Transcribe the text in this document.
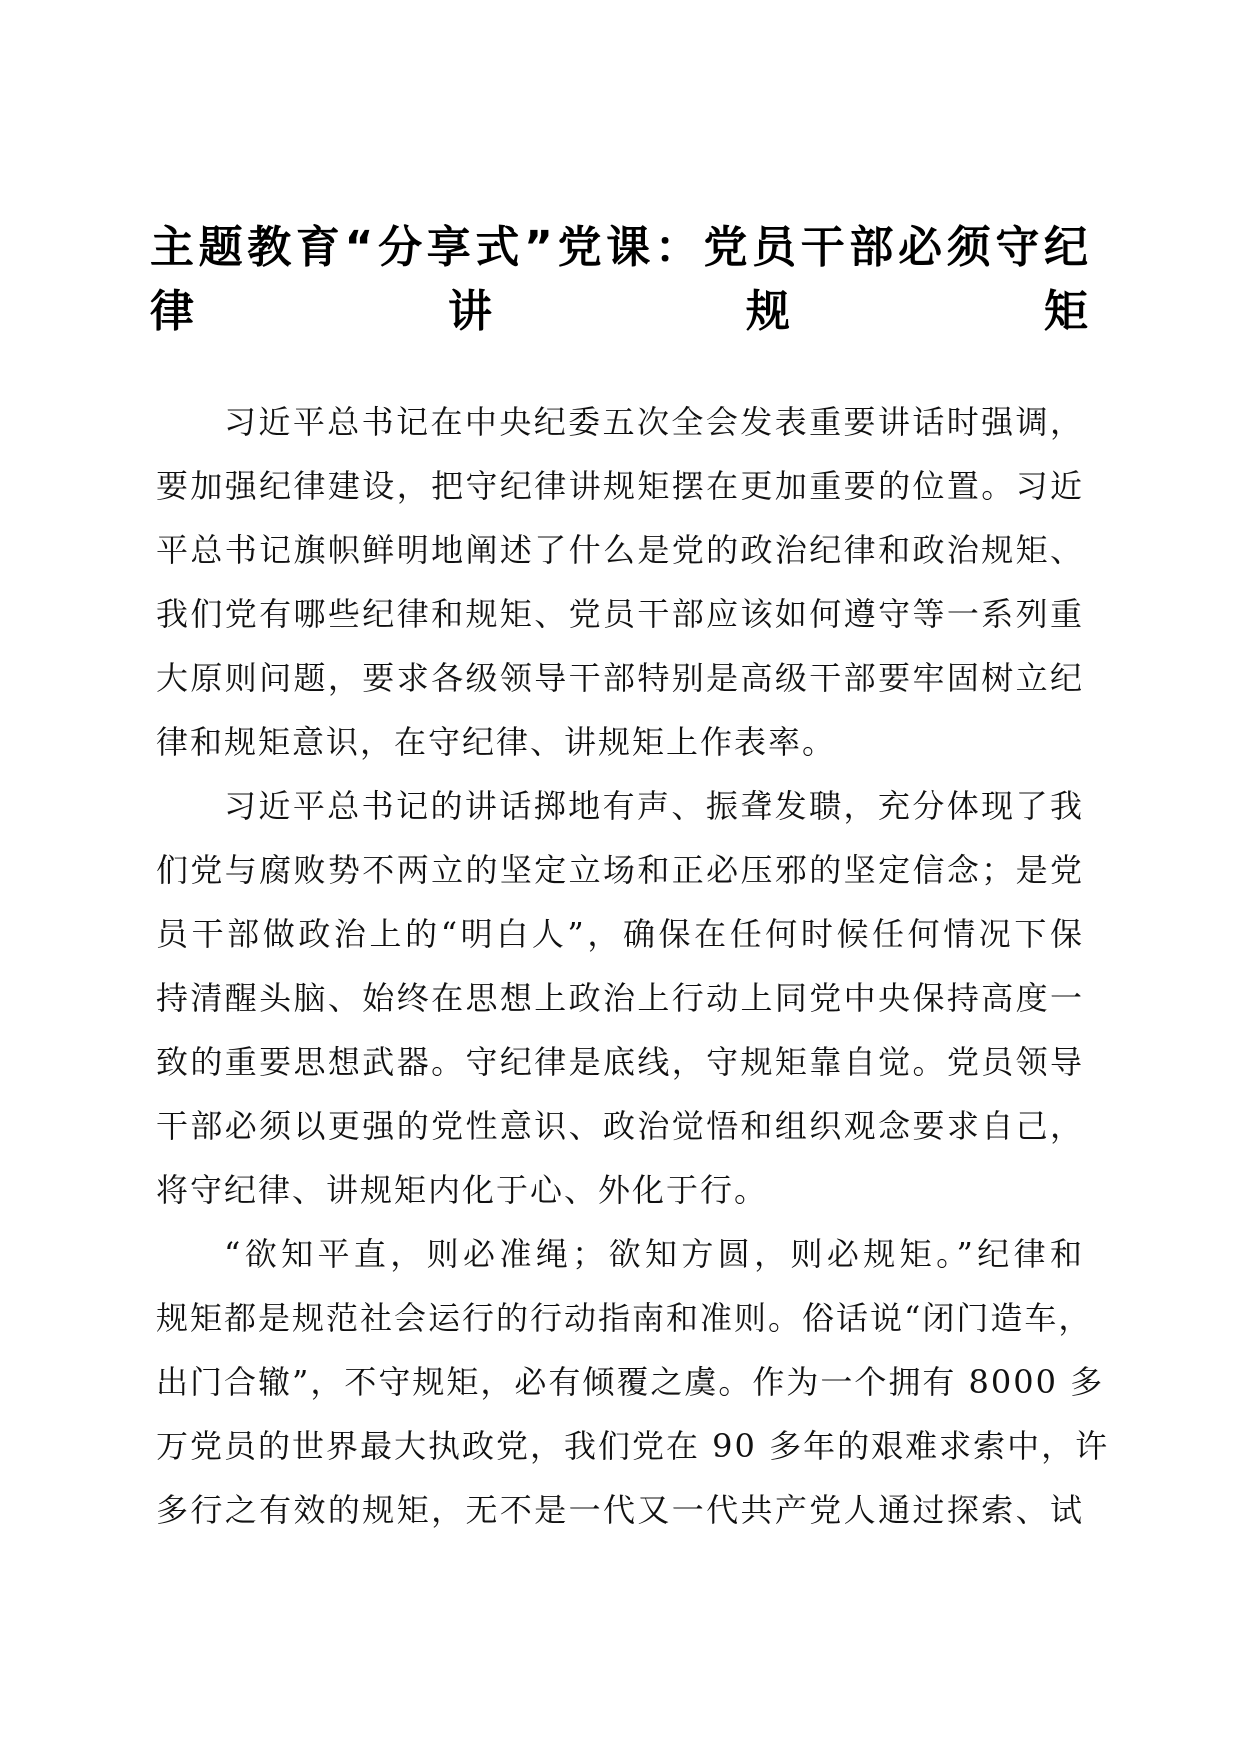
主题教育“分享式”党课：党员干部必须守纪
律讲规矩

习近平总书记在中央纪委五次全会发表重要讲话时强调，
要加强纪律建设，把守纪律讲规矩摆在更加重要的位置。习近
平总书记旗帜鲜明地阐述了什么是党的政治纪律和政治规矩、
我们党有哪些纪律和规矩、党员干部应该如何遵守等一系列重
大原则问题，要求各级领导干部特别是高级干部要牢固树立纪
律和规矩意识，在守纪律、讲规矩上作表率。

习近平总书记的讲话掷地有声、振聋发聩，充分体现了我
们党与腐败势不两立的坚定立场和正必压邪的坚定信念；是党
员干部做政治上的“明白人”，确保在任何时候任何情况下保
持清醒头脑、始终在思想上政治上行动上同党中央保持高度一
致的重要思想武器。守纪律是底线，守规矩靠自觉。党员领导
干部必须以更强的党性意识、政治觉悟和组织观念要求自己，
将守纪律、讲规矩内化于心、外化于行。

“欲知平直，则必准绳；欲知方圆，则必规矩。”纪律和
规矩都是规范社会运行的行动指南和准则。俗话说“闭门造车，
出门合辙”，不守规矩，必有倾覆之虞。作为一个拥有 8000 多
万党员的世界最大执政党，我们党在 90 多年的艰难求索中，许
多行之有效的规矩，无不是一代又一代共产党人通过探索、试
